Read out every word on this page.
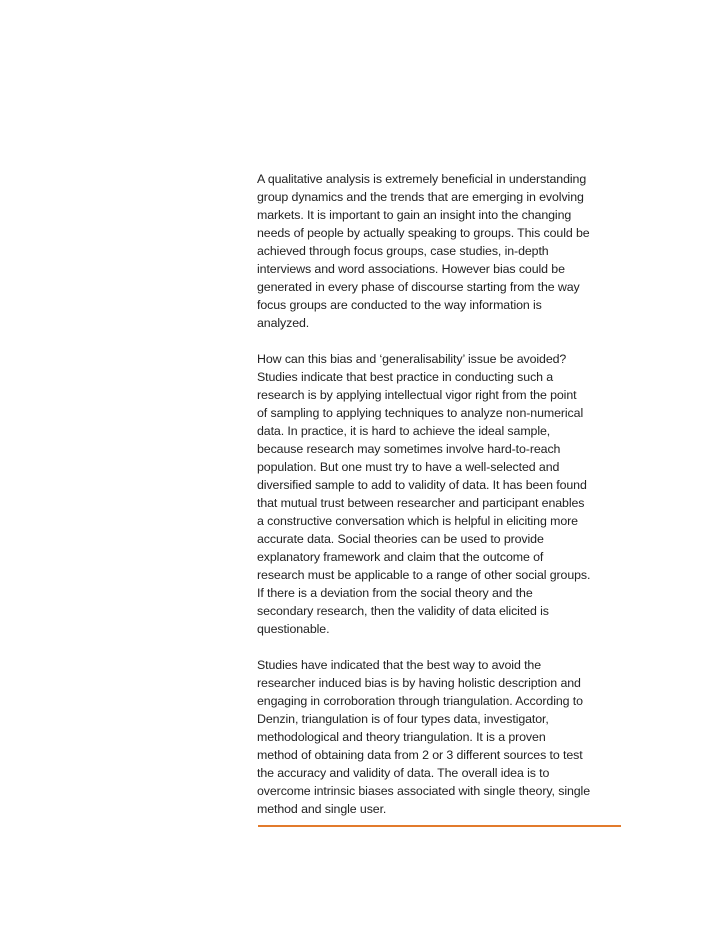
A qualitative analysis is extremely beneficial in understanding
group dynamics and the trends that are emerging in evolving
markets. It is important to gain an insight into the changing
needs of people by actually speaking to groups. This could be
achieved through focus groups, case studies, in-depth
interviews and word associations. However bias could be
generated in every phase of discourse starting from the way
focus groups are conducted to the way information is
analyzed.

How can this bias and ‘generalisability’ issue be avoided?
Studies indicate that best practice in conducting such a
research is by applying intellectual vigor right from the point
of sampling to applying techniques to analyze non-numerical
data. In practice, it is hard to achieve the ideal sample,
because research may sometimes involve hard-to-reach
population. But one must try to have a well-selected and
diversified sample to add to validity of data. It has been found
that mutual trust between researcher and participant enables
a constructive conversation which is helpful in eliciting more
accurate data. Social theories can be used to provide
explanatory framework and claim that the outcome of
research must be applicable to a range of other social groups.
If there is a deviation from the social theory and the
secondary research, then the validity of data elicited is
questionable.

Studies have indicated that the best way to avoid the
researcher induced bias is by having holistic description and
engaging in corroboration through triangulation. According to
Denzin, triangulation is of four types data, investigator,
methodological and theory triangulation. It is a proven
method of obtaining data from 2 or 3 different sources to test
the accuracy and validity of data. The overall idea is to
overcome intrinsic biases associated with single theory, single
method and single user.
